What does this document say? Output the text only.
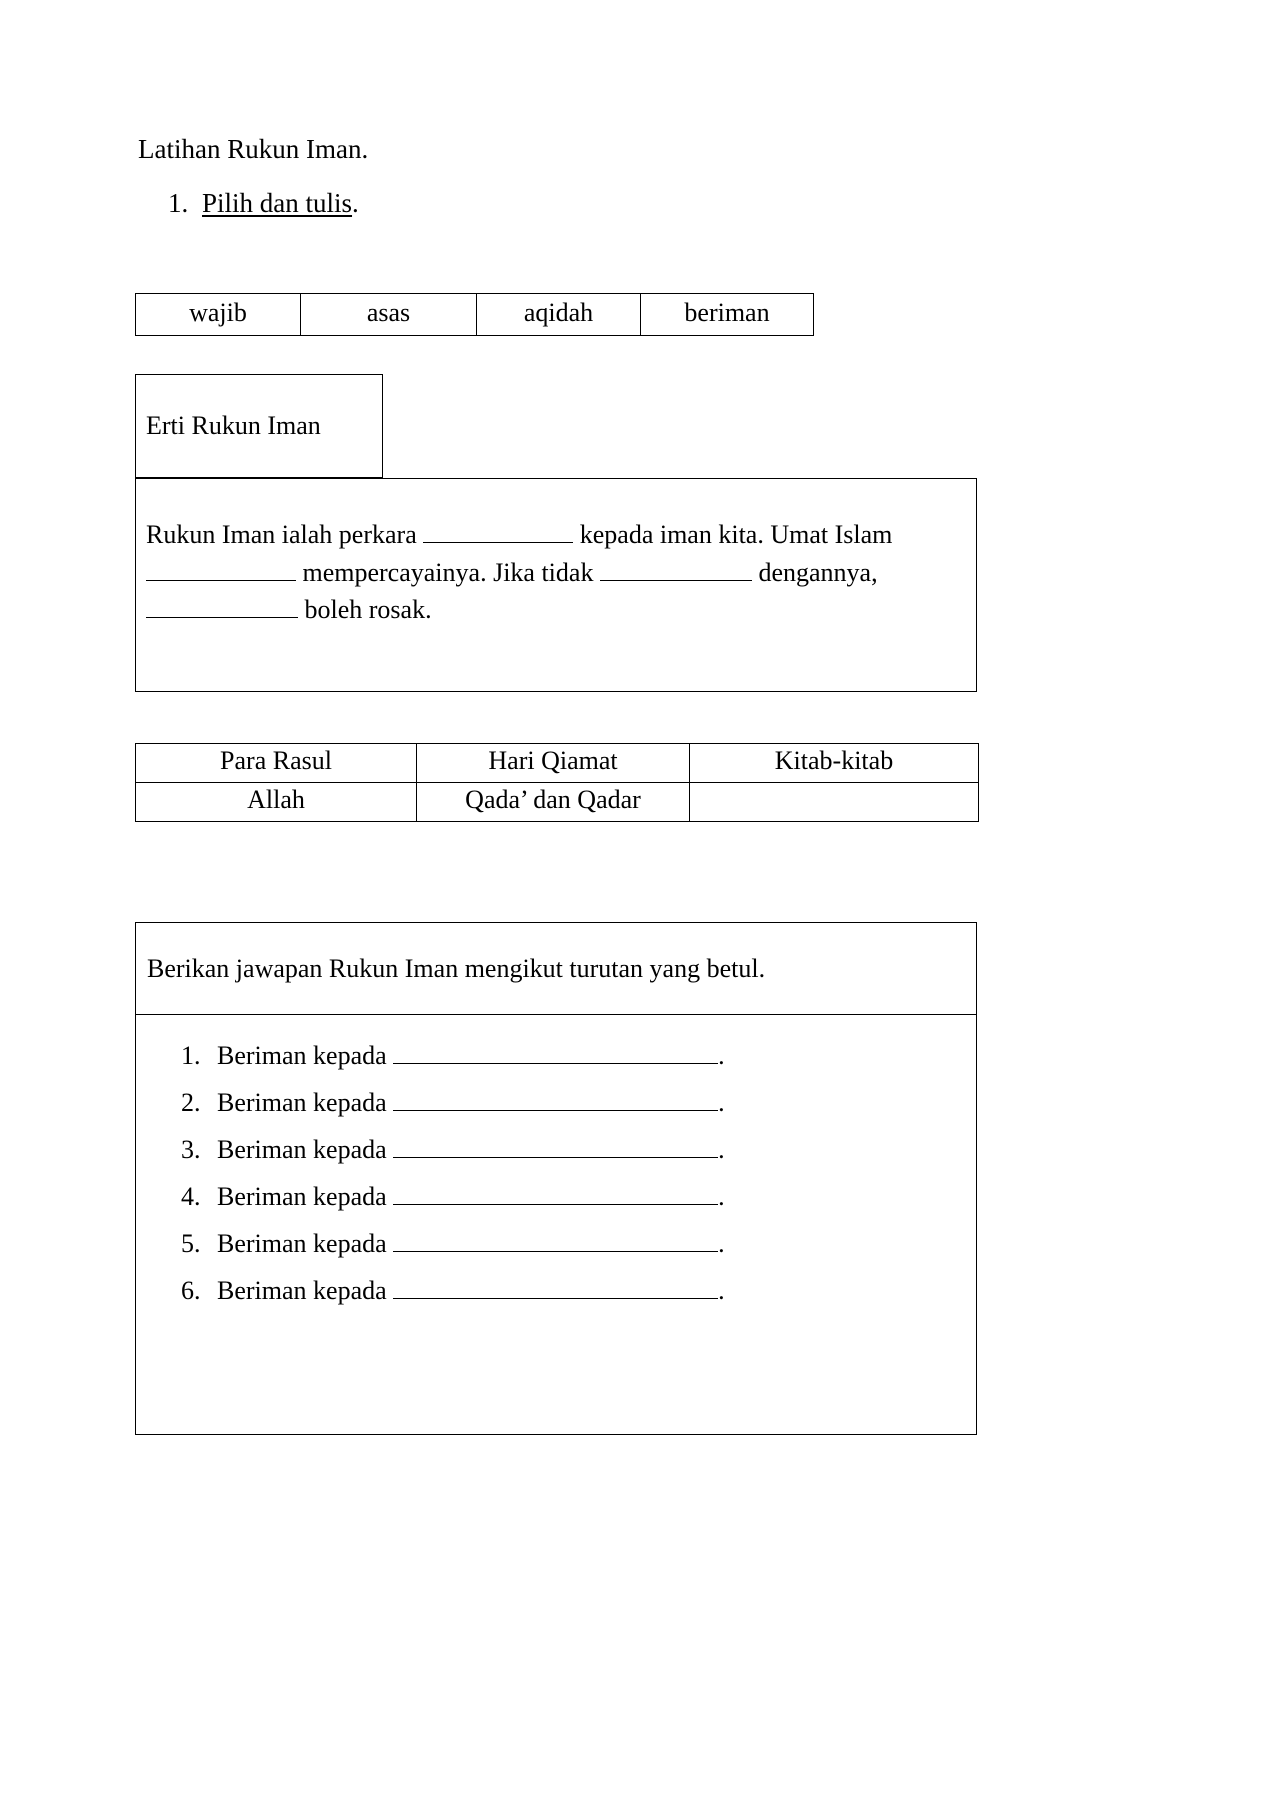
Latihan Rukun Iman.
1. Pilih dan tulis.
wajib	asas	aqidah	beriman
Erti Rukun Iman
Rukun Iman ialah perkara	kepada iman kita. Umat Islam  mempercayainya. Jika tidak	dengannya,  boleh rosak.
Para Rasul	Hari Qiamat	Kitab-kitab
Allah	Qada’ dan Qadar	
Berikan jawapan Rukun Iman mengikut turutan yang betul.
1. Beriman kepada	.
2. Beriman kepada	.
3. Beriman kepada	.
4. Beriman kepada	.
5. Beriman kepada	.
6. Beriman kepada	.
